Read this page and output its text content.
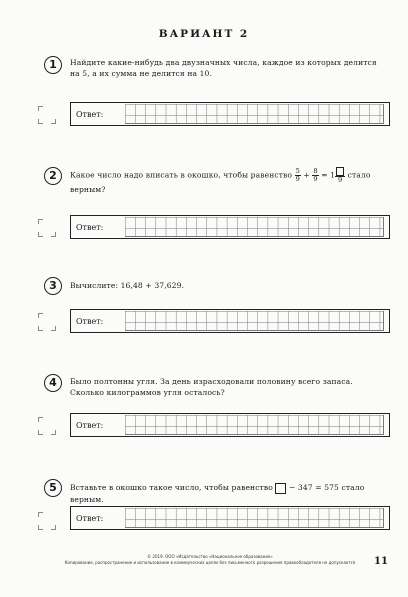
ВАРИАНТ 2
1	Найдите какие-нибудь два двузначных числа, каждое из которых делится на 5, а их сумма не делится на 10.
Ответ:
2	Какое число надо вписать в окошко, чтобы равенство $\frac{5}{9} + \frac{8}{9} = 1$
9
стало верным?
Ответ:
3	Вычислите: 16,48 + 37,629.
Ответ:
4	Было полтонны угля. За день израсходовали половину всего запаса. Сколько килограммов угля осталось?
Ответ:
5	Вставьте в окошко такое число, чтобы равенство − 347 = 575 стало верным.
Ответ:
© 2019. ООО «Издательство «Национальное образование»
Копирование, распространение и использование в коммерческих целях без письменного разрешения правообладателя не допускается	11
